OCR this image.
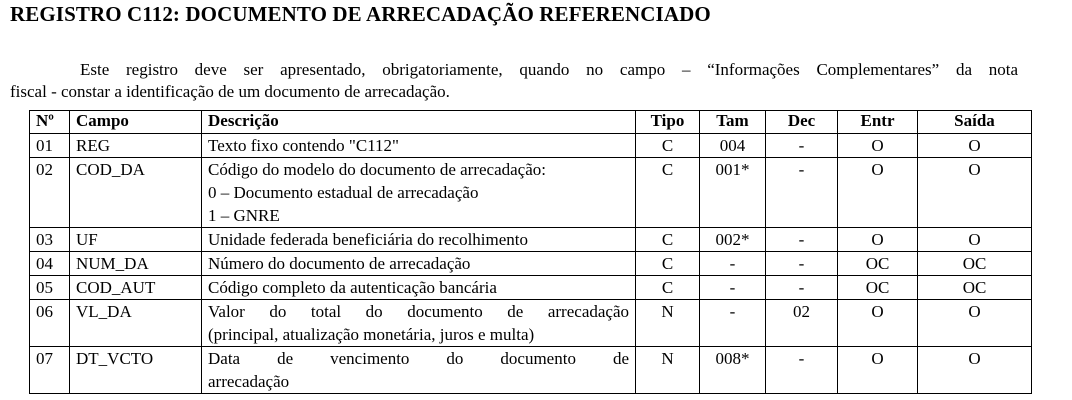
REGISTRO C112: DOCUMENTO DE ARRECADAÇÃO REFERENCIADO
Este registro deve ser apresentado, obrigatoriamente, quando no campo – “Informações Complementares” da nota
fiscal - constar a identificação de um documento de arrecadação.
Nº	Campo	Descrição	Tipo	Tam	Dec	Entr	Saída
01	REG	Texto fixo contendo "C112"	C	004	-	O	O
02	COD_DA	Código do modelo do documento de arrecadação:
0 – Documento estadual de arrecadação
1 – GNRE	C	001*	-	O	O
03	UF	Unidade federada beneficiária do recolhimento	C	002*	-	O	O
04	NUM_DA	Número do documento de arrecadação	C	-	-	OC	OC
05	COD_AUT	Código completo da autenticação bancária	C	-	-	OC	OC
06	VL_DA	Valor do total do documento de arrecadação
(principal, atualização monetária, juros e multa)	N	-	02	O	O
07	DT_VCTO	Data de vencimento do documento de
arrecadação	N	008*	-	O	O
